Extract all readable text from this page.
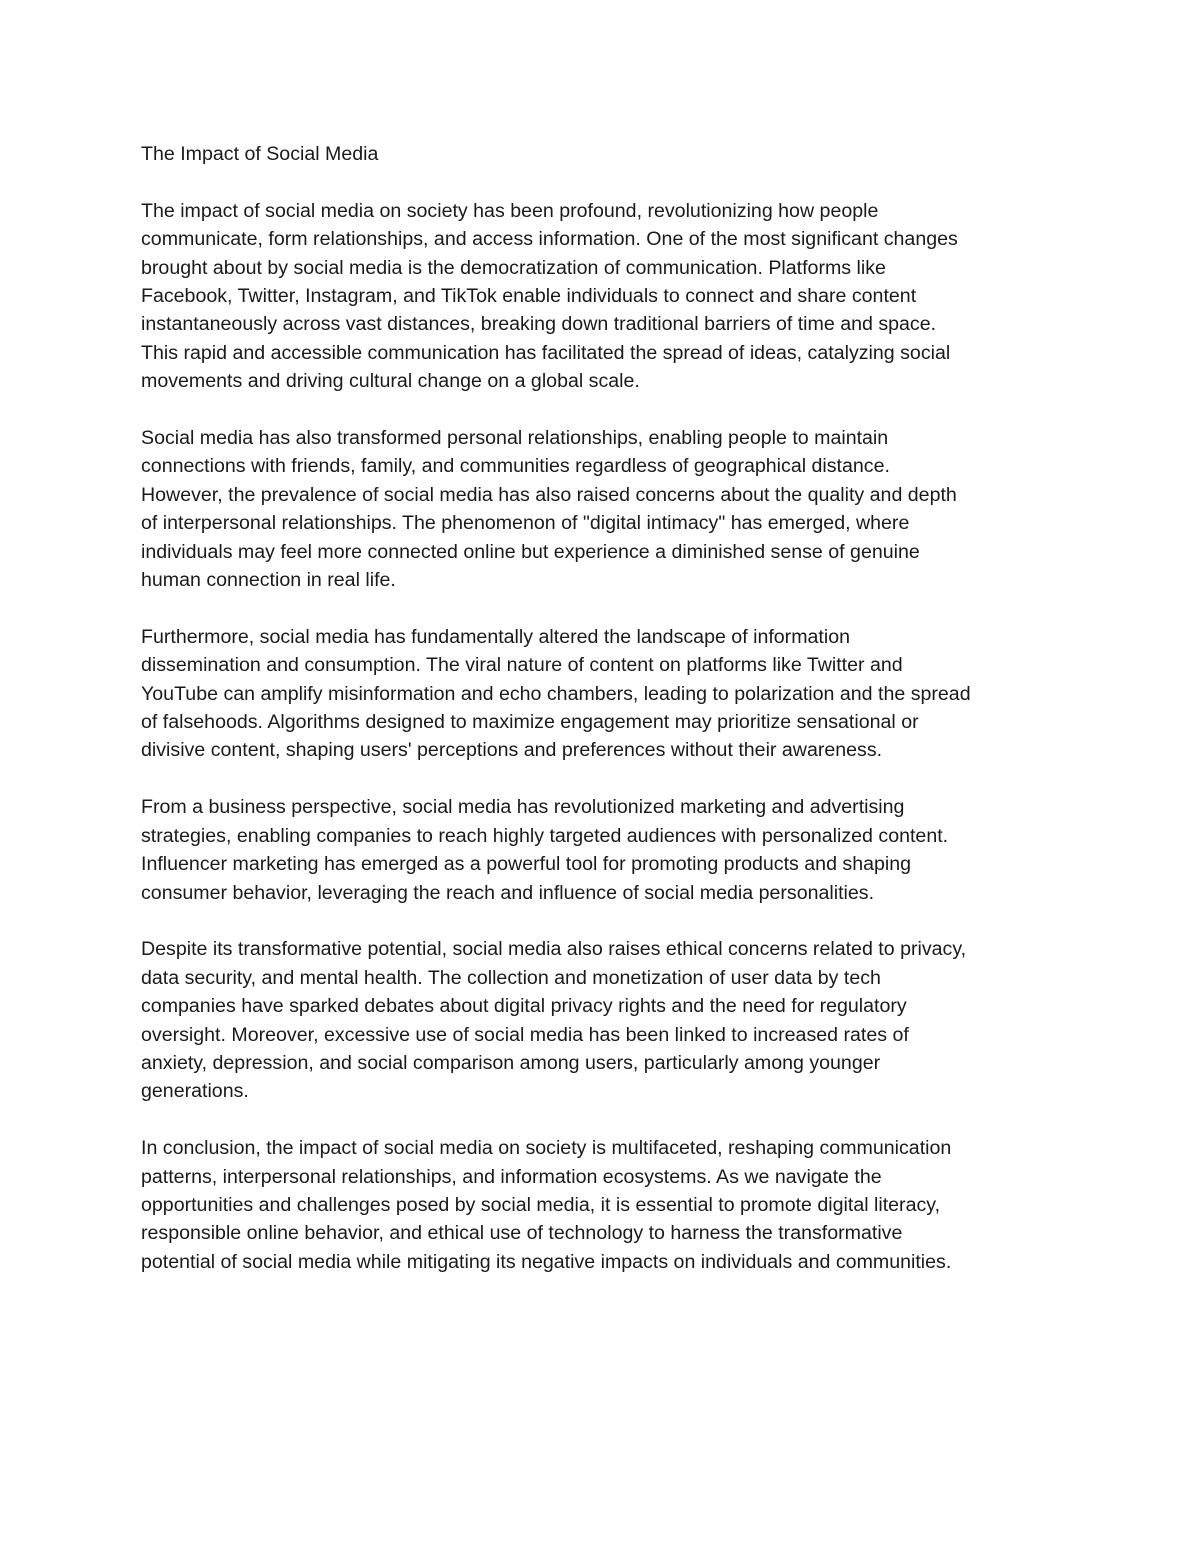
The Impact of Social Media
The impact of social media on society has been profound, revolutionizing how people
communicate, form relationships, and access information. One of the most significant changes
brought about by social media is the democratization of communication. Platforms like
Facebook, Twitter, Instagram, and TikTok enable individuals to connect and share content
instantaneously across vast distances, breaking down traditional barriers of time and space.
This rapid and accessible communication has facilitated the spread of ideas, catalyzing social
movements and driving cultural change on a global scale.
Social media has also transformed personal relationships, enabling people to maintain
connections with friends, family, and communities regardless of geographical distance.
However, the prevalence of social media has also raised concerns about the quality and depth
of interpersonal relationships. The phenomenon of "digital intimacy" has emerged, where
individuals may feel more connected online but experience a diminished sense of genuine
human connection in real life.
Furthermore, social media has fundamentally altered the landscape of information
dissemination and consumption. The viral nature of content on platforms like Twitter and
YouTube can amplify misinformation and echo chambers, leading to polarization and the spread
of falsehoods. Algorithms designed to maximize engagement may prioritize sensational or
divisive content, shaping users' perceptions and preferences without their awareness.
From a business perspective, social media has revolutionized marketing and advertising
strategies, enabling companies to reach highly targeted audiences with personalized content.
Influencer marketing has emerged as a powerful tool for promoting products and shaping
consumer behavior, leveraging the reach and influence of social media personalities.
Despite its transformative potential, social media also raises ethical concerns related to privacy,
data security, and mental health. The collection and monetization of user data by tech
companies have sparked debates about digital privacy rights and the need for regulatory
oversight. Moreover, excessive use of social media has been linked to increased rates of
anxiety, depression, and social comparison among users, particularly among younger
generations.
In conclusion, the impact of social media on society is multifaceted, reshaping communication
patterns, interpersonal relationships, and information ecosystems. As we navigate the
opportunities and challenges posed by social media, it is essential to promote digital literacy,
responsible online behavior, and ethical use of technology to harness the transformative
potential of social media while mitigating its negative impacts on individuals and communities.
